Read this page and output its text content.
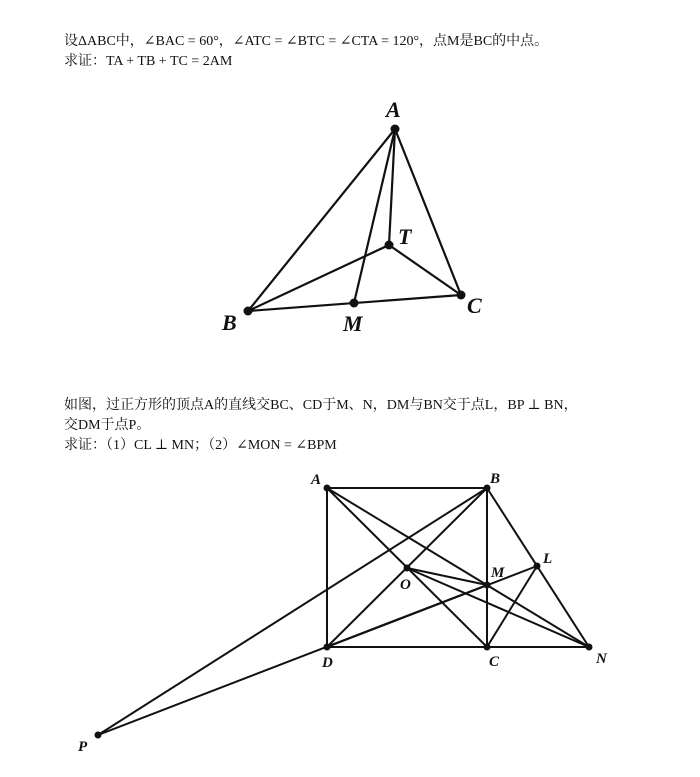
设ΔABC中，∠BAC = 60°，∠ATC = ∠BTC = ∠CTA = 120°，点M是BC的中点。
求证：TA + TB + TC = 2AM
A
T
B	M
C
如图，过正方形的顶点A的直线交BC、CD于M、N，DM与BN交于点L，BP ⊥ BN，
交DM于点P。
求证：（1）CL ⊥ MN；（2）∠MON = ∠BPM
A	B
L
M
O
D	C	N
P
